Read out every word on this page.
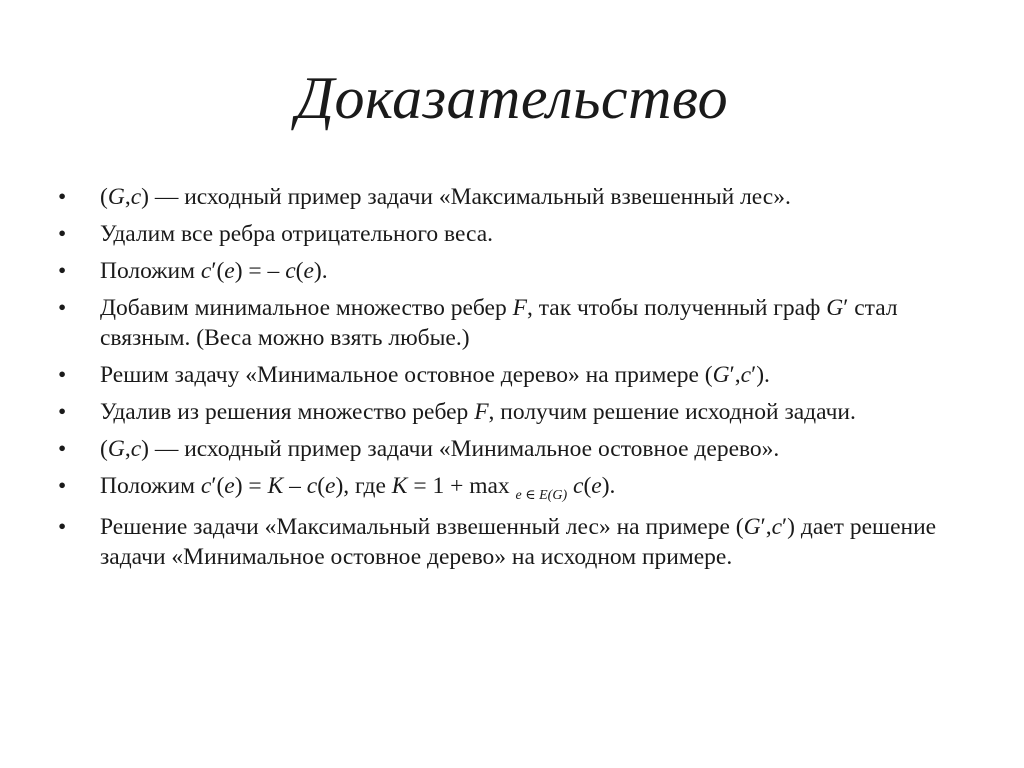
Доказательство
•	(G,c) — исходный пример задачи «Максимальный взвешенный лес».
•	Удалим все ребра отрицательного веса.
•	Положим c′(e) = – c(e).
•	Добавим минимальное множество ребер F, так чтобы полученный граф G′ стал связным. (Веса можно взять любые.)
•	Решим задачу «Минимальное остовное дерево» на примере (G′,c′).
•	Удалив из решения множество ребер F, получим решение исходной задачи.
•	(G,c) — исходный пример задачи «Минимальное остовное дерево».
•	Положим c′(e) = K – c(e), где K = 1 + max $_{e \in E(G)}$ c(e).
•	Решение задачи «Максимальный взвешенный лес» на примере (G′,c′) дает решение задачи «Минимальное остовное дерево» на исходном примере.
